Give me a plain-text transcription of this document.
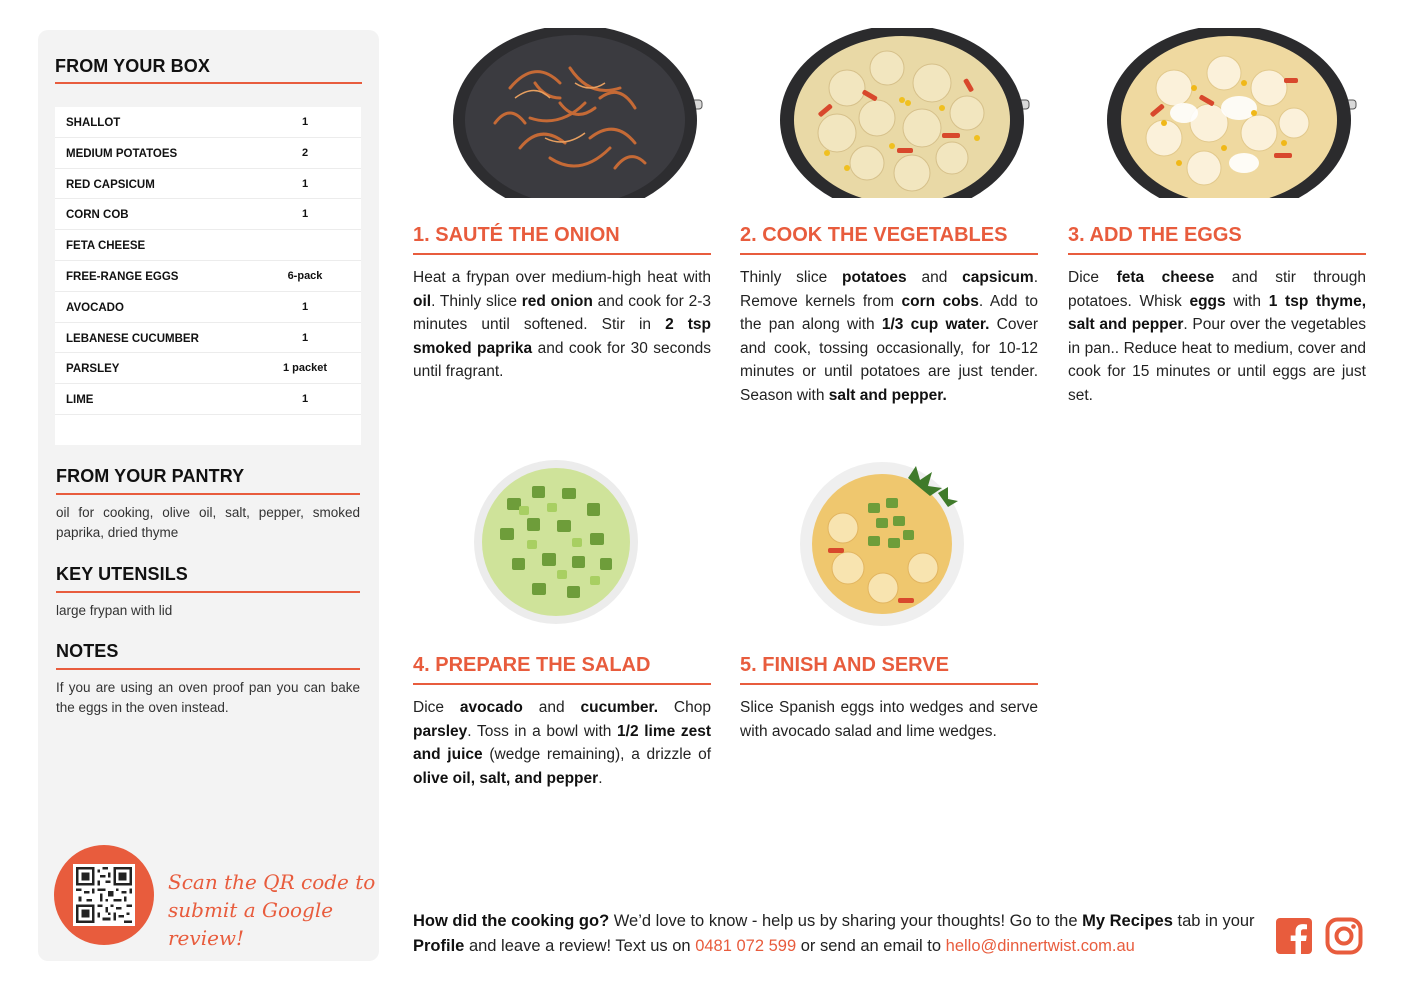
FROM YOUR BOX
SHALLOT	1
MEDIUM POTATOES	2
RED CAPSICUM	1
CORN COB	1
FETA CHEESE
FREE-RANGE EGGS	6-pack
AVOCADO	1
LEBANESE CUCUMBER	1
PARSLEY	1 packet
LIME	1
FROM YOUR PANTRY

oil for cooking, olive oil, salt, pepper, smoked paprika, dried thyme

KEY UTENSILS

large frypan with lid

NOTES

If you are using an oven proof pan you can bake the eggs in the oven instead.

Scan the QR code to
submit a Google review!
1. SAUTÉ THE ONION
Heat a frypan over medium-high heat with oil. Thinly slice red onion and cook for 2-3 minutes until softened. Stir in 2 tsp smoked paprika and cook for 30 seconds until fragrant.
2. COOK THE VEGETABLES
Thinly slice potatoes and capsicum. Remove kernels from corn cobs. Add to the pan along with 1/3 cup water. Cover and cook, tossing occasionally, for 10-12 minutes or until potatoes are just tender. Season with salt and pepper.
3. ADD THE EGGS
Dice feta cheese and stir through potatoes. Whisk eggs with 1 tsp thyme, salt and pepper. Pour over the vegetables in pan.. Reduce heat to medium, cover and cook for 15 minutes or until eggs are just set.
4. PREPARE THE SALAD
Dice avocado and cucumber. Chop parsley. Toss in a bowl with 1/2 lime zest and juice (wedge remaining), a drizzle of olive oil, salt, and pepper.
5. FINISH AND SERVE
Slice Spanish eggs into wedges and serve with avocado salad and lime wedges.
How did the cooking go? We’d love to know - help us by sharing your thoughts! Go to the My Recipes tab in your Profile and leave a review! Text us on 0481 072 599 or send an email to hello@dinnertwist.com.au
